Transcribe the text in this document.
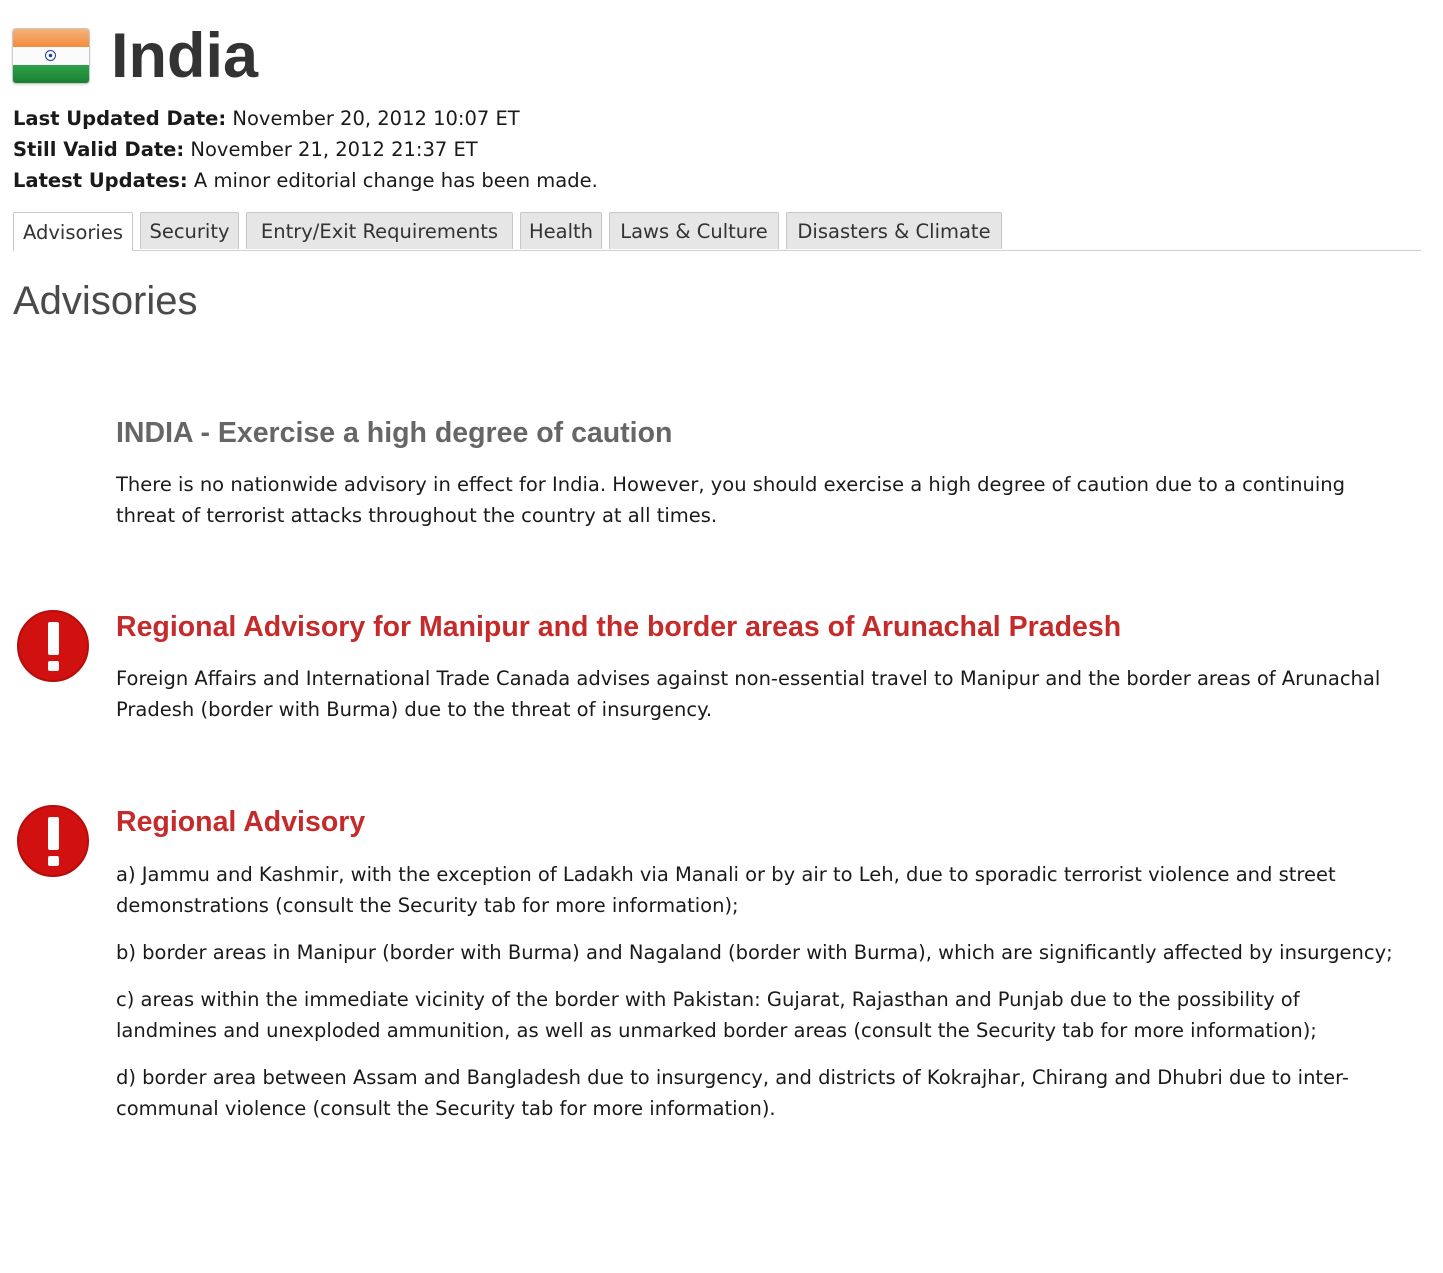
India
Last Updated Date: November 20, 2012 10:07 ET
Still Valid Date: November 21, 2012 21:37 ET
Latest Updates: A minor editorial change has been made.
Advisories	Security	Entry/Exit Requirements	Health	Laws & Culture	Disasters & Climate
Advisories
INDIA - Exercise a high degree of caution

There is no nationwide advisory in effect for India. However, you should exercise a high degree of caution due to a continuing threat of terrorist attacks throughout the country at all times.

Regional Advisory for Manipur and the border areas of Arunachal Pradesh

Foreign Affairs and International Trade Canada advises against non-essential travel to Manipur and the border areas of Arunachal Pradesh (border with Burma) due to the threat of insurgency.

Regional Advisory

a) Jammu and Kashmir, with the exception of Ladakh via Manali or by air to Leh, due to sporadic terrorist violence and street demonstrations (consult the Security tab for more information);

b) border areas in Manipur (border with Burma) and Nagaland (border with Burma), which are significantly affected by insurgency;

c) areas within the immediate vicinity of the border with Pakistan: Gujarat, Rajasthan and Punjab due to the possibility of landmines and unexploded ammunition, as well as unmarked border areas (consult the Security tab for more information);

d) border area between Assam and Bangladesh due to insurgency, and districts of Kokrajhar, Chirang and Dhubri due to inter-communal violence (consult the Security tab for more information).
